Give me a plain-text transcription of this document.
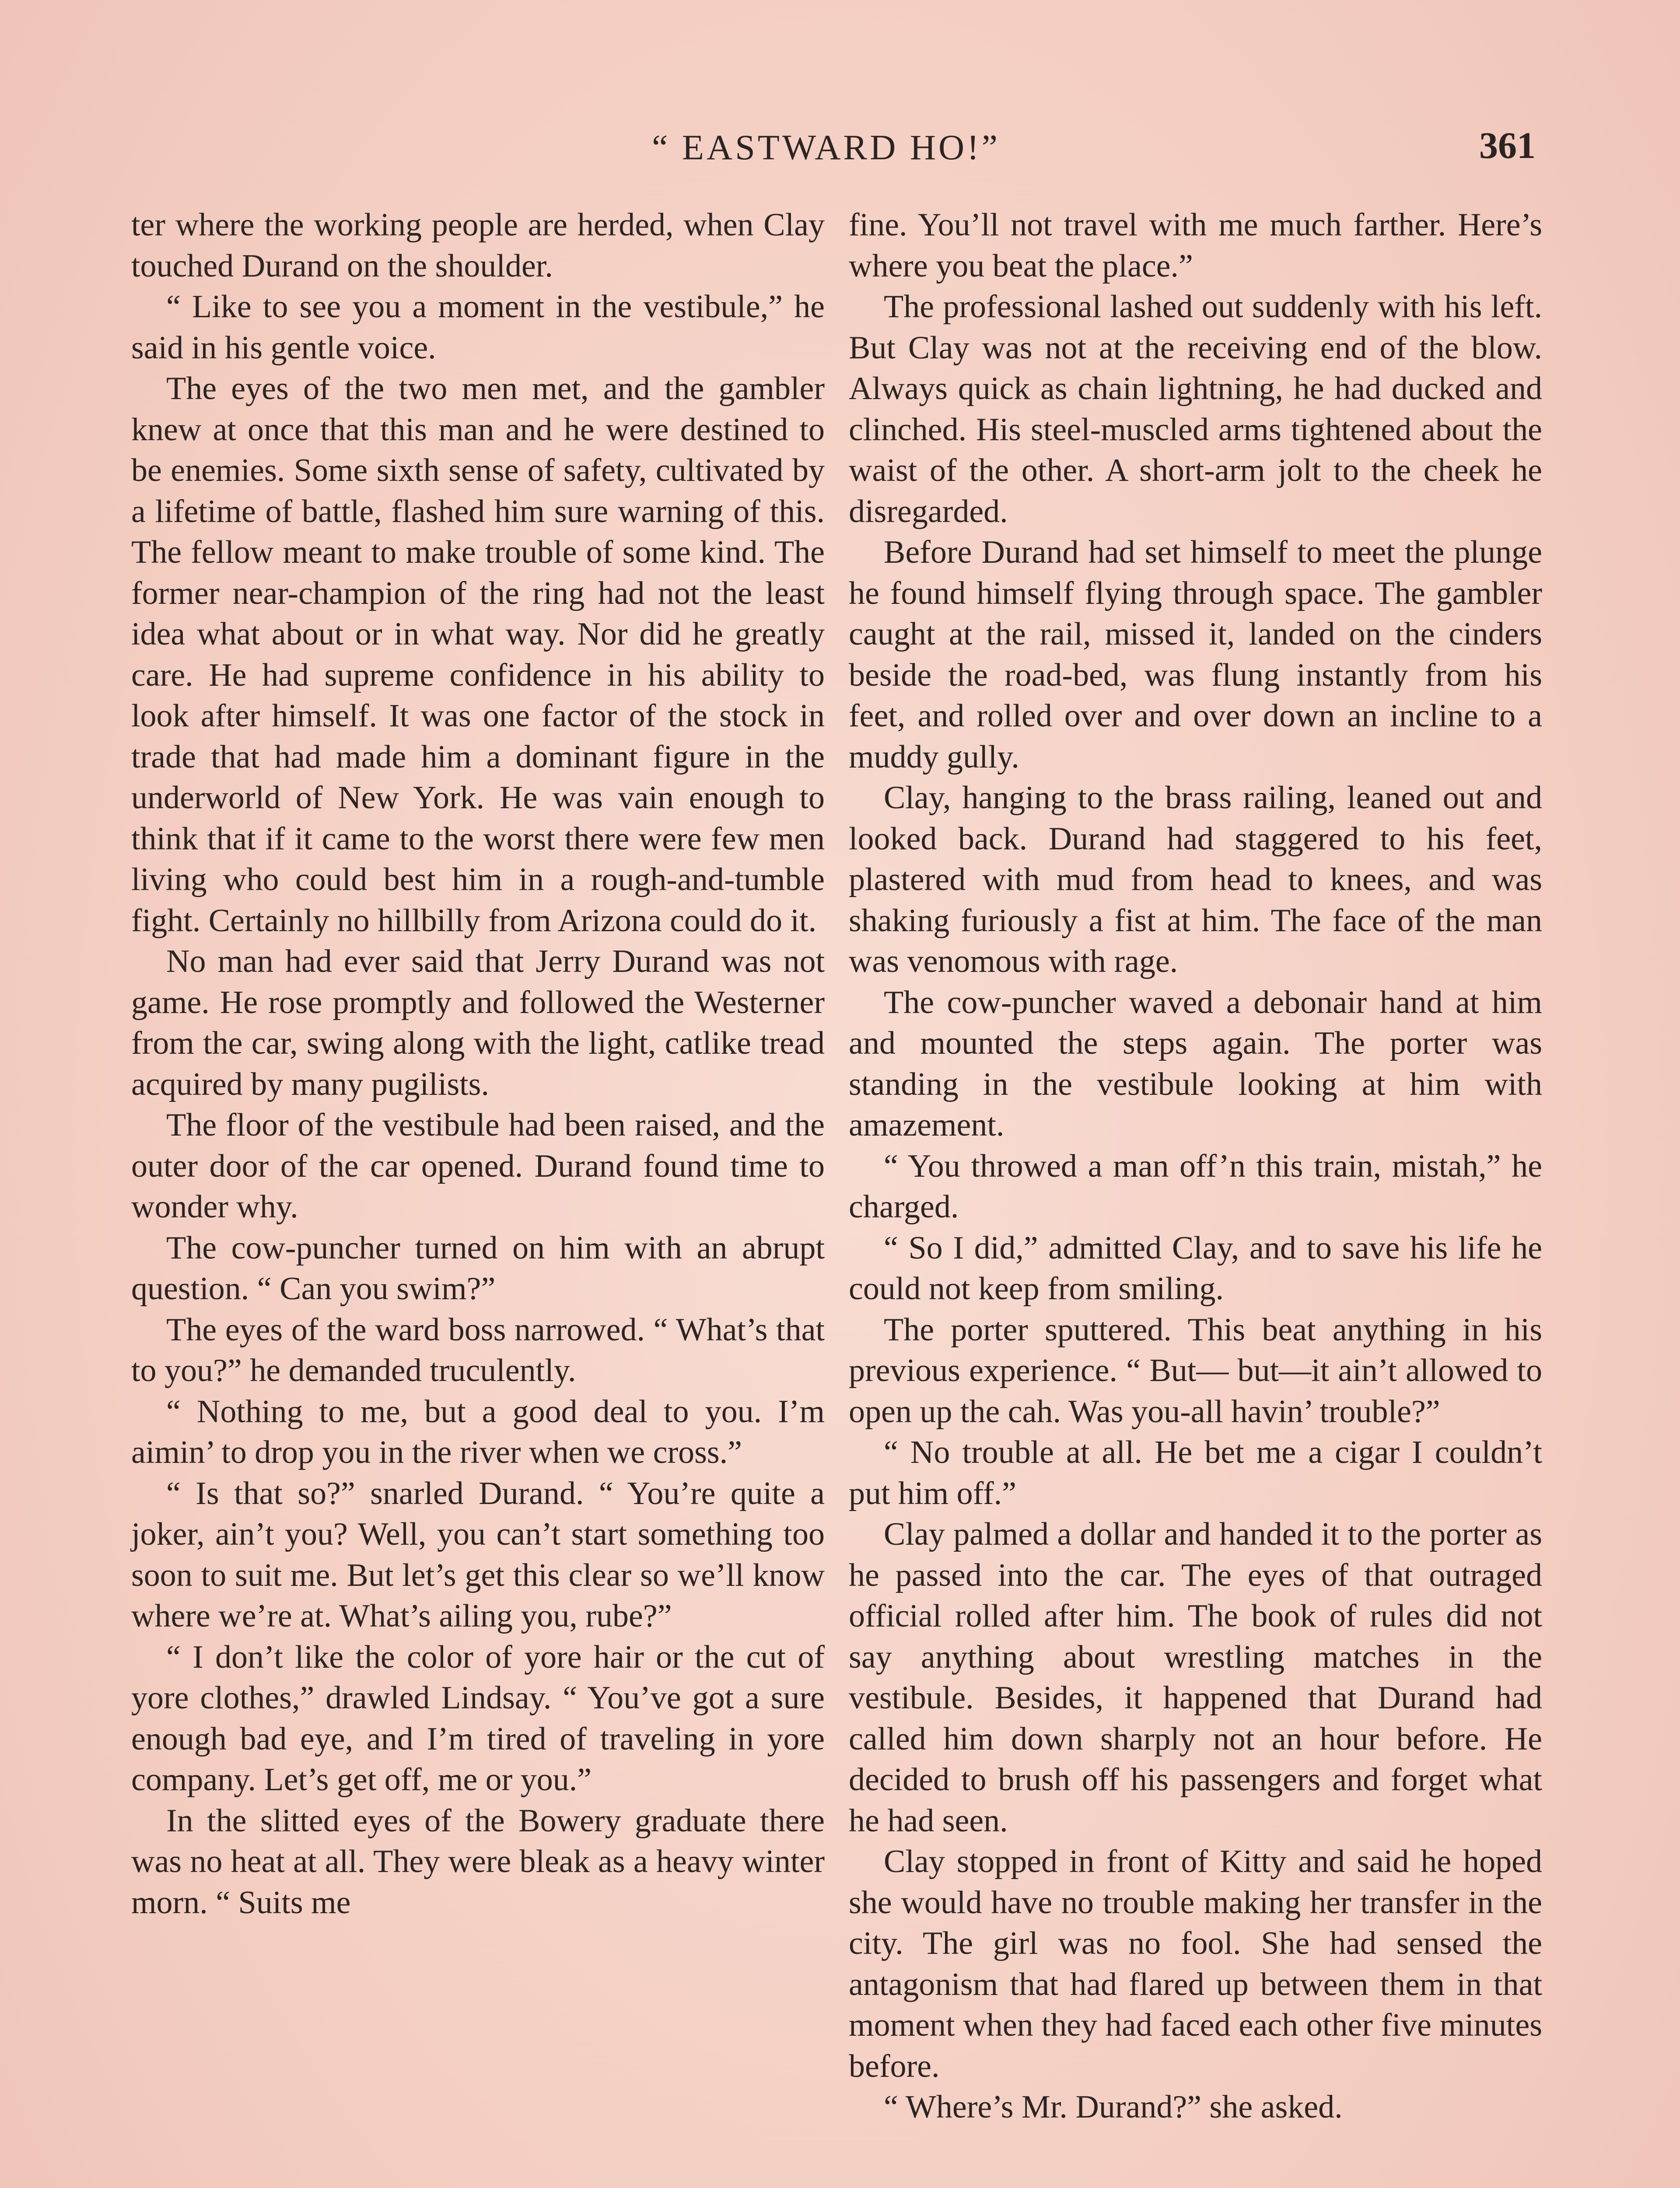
“ EASTWARD HO!”	361

ter where the working people are herded, when Clay touched Durand on the shoulder.

“ Like to see you a moment in the vestibule,” he said in his gentle voice.

The eyes of the two men met, and the gambler knew at once that this man and he were destined to be enemies. Some sixth sense of safety, cultivated by a lifetime of battle, flashed him sure warning of this. The fellow meant to make trouble of some kind. The former near-champion of the ring had not the least idea what about or in what way. Nor did he greatly care. He had supreme confidence in his ability to look after himself. It was one factor of the stock in trade that had made him a dominant figure in the underworld of New York. He was vain enough to think that if it came to the worst there were few men living who could best him in a rough-and-tumble fight. Certainly no hillbilly from Arizona could do it.

No man had ever said that Jerry Durand was not game. He rose promptly and followed the Westerner from the car, swing along with the light, catlike tread acquired by many pugilists.

The floor of the vestibule had been raised, and the outer door of the car opened. Durand found time to wonder why.

The cow-puncher turned on him with an abrupt question. “ Can you swim?”

The eyes of the ward boss narrowed. “ What’s that to you?” he demanded truculently.

“ Nothing to me, but a good deal to you. I’m aimin’ to drop you in the river when we cross.”

“ Is that so?” snarled Durand. “ You’re quite a joker, ain’t you? Well, you can’t start something too soon to suit me. But let’s get this clear so we’ll know where we’re at. What’s ailing you, rube?”

“ I don’t like the color of yore hair or the cut of yore clothes,” drawled Lindsay. “ You’ve got a sure enough bad eye, and I’m tired of traveling in yore company. Let’s get off, me or you.”

In the slitted eyes of the Bowery graduate there was no heat at all. They were bleak as a heavy winter morn. “ Suits me

fine. You’ll not travel with me much farther. Here’s where you beat the place.”

The professional lashed out suddenly with his left. But Clay was not at the receiving end of the blow. Always quick as chain lightning, he had ducked and clinched. His steel-muscled arms tightened about the waist of the other. A short-arm jolt to the cheek he disregarded.

Before Durand had set himself to meet the plunge he found himself flying through space. The gambler caught at the rail, missed it, landed on the cinders beside the road-bed, was flung instantly from his feet, and rolled over and over down an incline to a muddy gully.

Clay, hanging to the brass railing, leaned out and looked back. Durand had staggered to his feet, plastered with mud from head to knees, and was shaking furiously a fist at him. The face of the man was venomous with rage.

The cow-puncher waved a debonair hand at him and mounted the steps again. The porter was standing in the vestibule looking at him with amazement.

“ You throwed a man off’n this train, mistah,” he charged.

“ So I did,” admitted Clay, and to save his life he could not keep from smiling.

The porter sputtered. This beat anything in his previous experience. “ But— but—it ain’t allowed to open up the cah. Was you-all havin’ trouble?”

“ No trouble at all. He bet me a cigar I couldn’t put him off.”

Clay palmed a dollar and handed it to the porter as he passed into the car. The eyes of that outraged official rolled after him. The book of rules did not say anything about wrestling matches in the vestibule. Besides, it happened that Durand had called him down sharply not an hour before. He decided to brush off his passengers and forget what he had seen.

Clay stopped in front of Kitty and said he hoped she would have no trouble making her transfer in the city. The girl was no fool. She had sensed the antagonism that had flared up between them in that moment when they had faced each other five minutes before.

“ Where’s Mr. Durand?” she asked.
